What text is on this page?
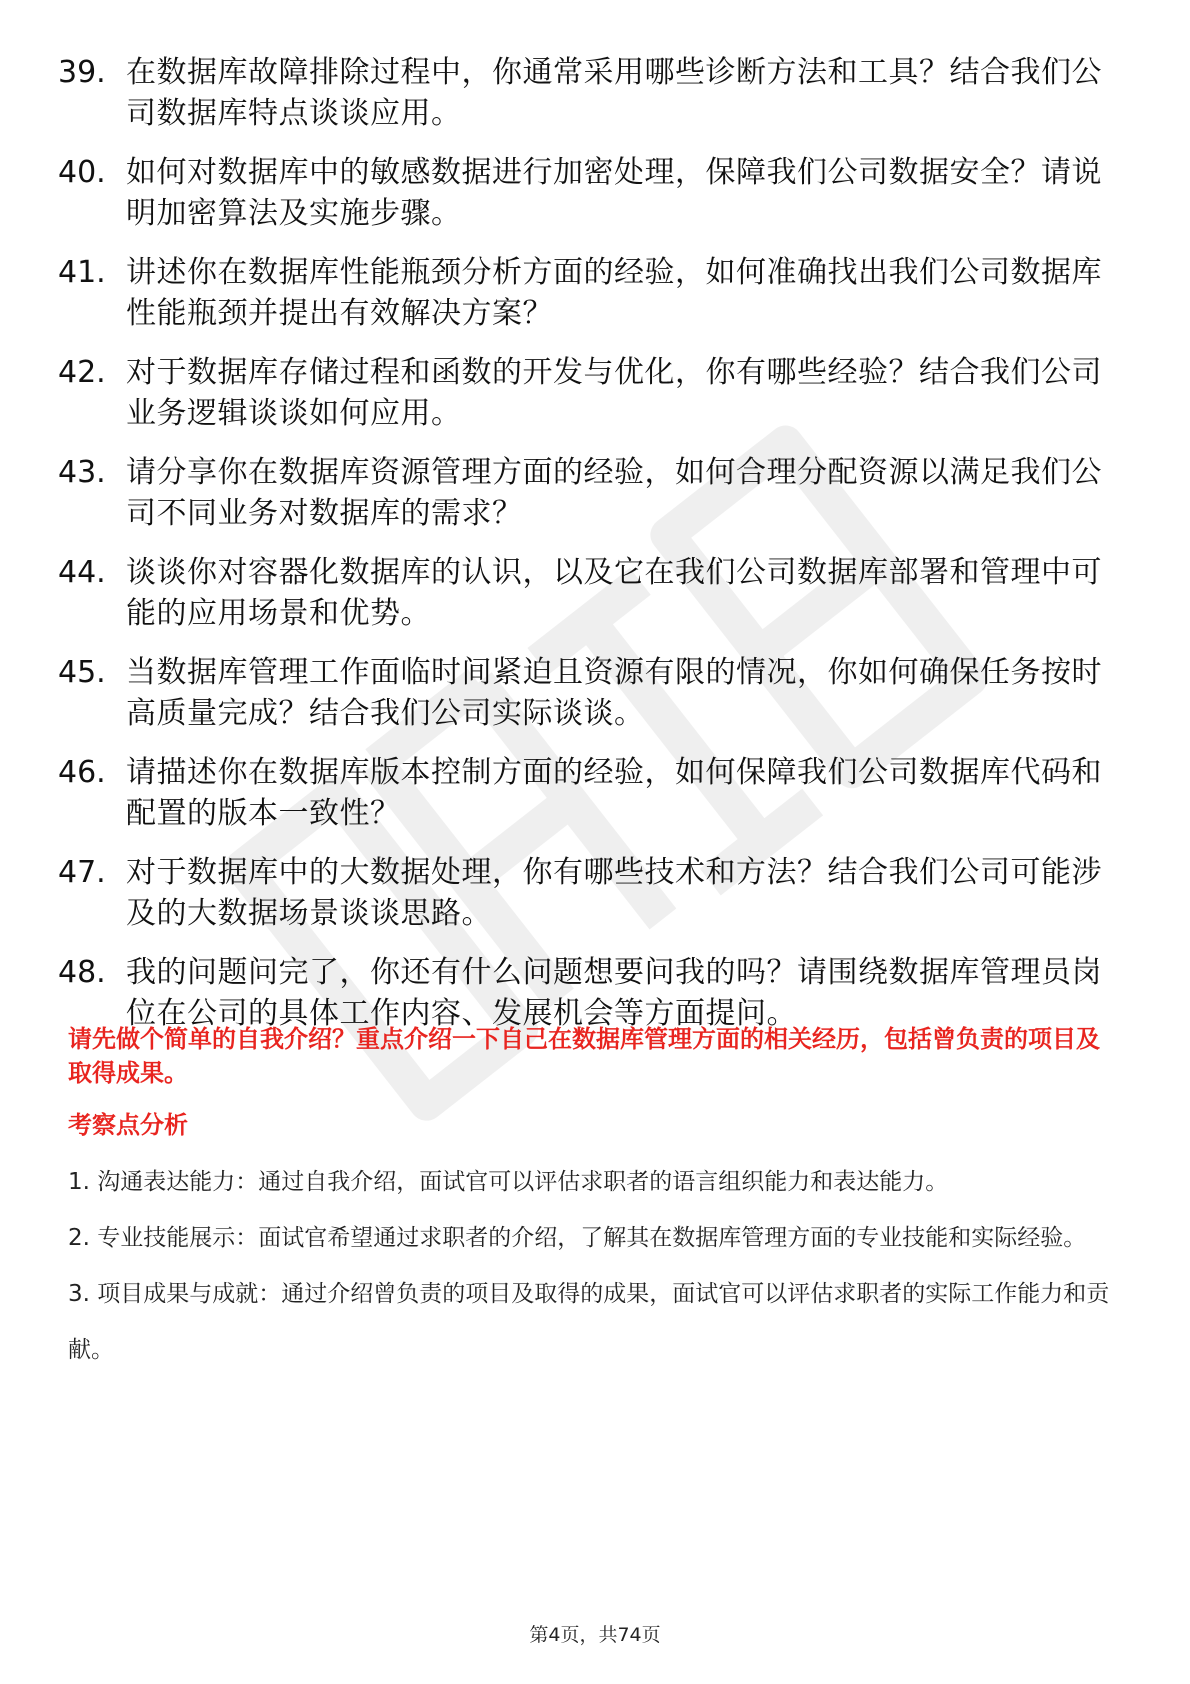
39. 在数据库故障排除过程中，你通常采用哪些诊断方法和工具？结合我们公司数据库特点谈谈应用。
40. 如何对数据库中的敏感数据进行加密处理，保障我们公司数据安全？请说明加密算法及实施步骤。
41. 讲述你在数据库性能瓶颈分析方面的经验，如何准确找出我们公司数据库性能瓶颈并提出有效解决方案？
42. 对于数据库存储过程和函数的开发与优化，你有哪些经验？结合我们公司业务逻辑谈谈如何应用。
43. 请分享你在数据库资源管理方面的经验，如何合理分配资源以满足我们公司不同业务对数据库的需求？
44. 谈谈你对容器化数据库的认识，以及它在我们公司数据库部署和管理中可能的应用场景和优势。
45. 当数据库管理工作面临时间紧迫且资源有限的情况，你如何确保任务按时高质量完成？结合我们公司实际谈谈。
46. 请描述你在数据库版本控制方面的经验，如何保障我们公司数据库代码和配置的版本一致性？
47. 对于数据库中的大数据处理，你有哪些技术和方法？结合我们公司可能涉及的大数据场景谈谈思路。
48. 我的问题问完了，你还有什么问题想要问我的吗？请围绕数据库管理员岗位在公司的具体工作内容、发展机会等方面提问。

请先做个简单的自我介绍？重点介绍一下自己在数据库管理方面的相关经历，包括曾负责的项目及取得成果。

考察点分析

1. 沟通表达能力：通过自我介绍，面试官可以评估求职者的语言组织能力和表达能力。
2. 专业技能展示：面试官希望通过求职者的介绍，了解其在数据库管理方面的专业技能和实际经验。
3. 项目成果与成就：通过介绍曾负责的项目及取得的成果，面试官可以评估求职者的实际工作能力和贡献。
第4页，共74页
